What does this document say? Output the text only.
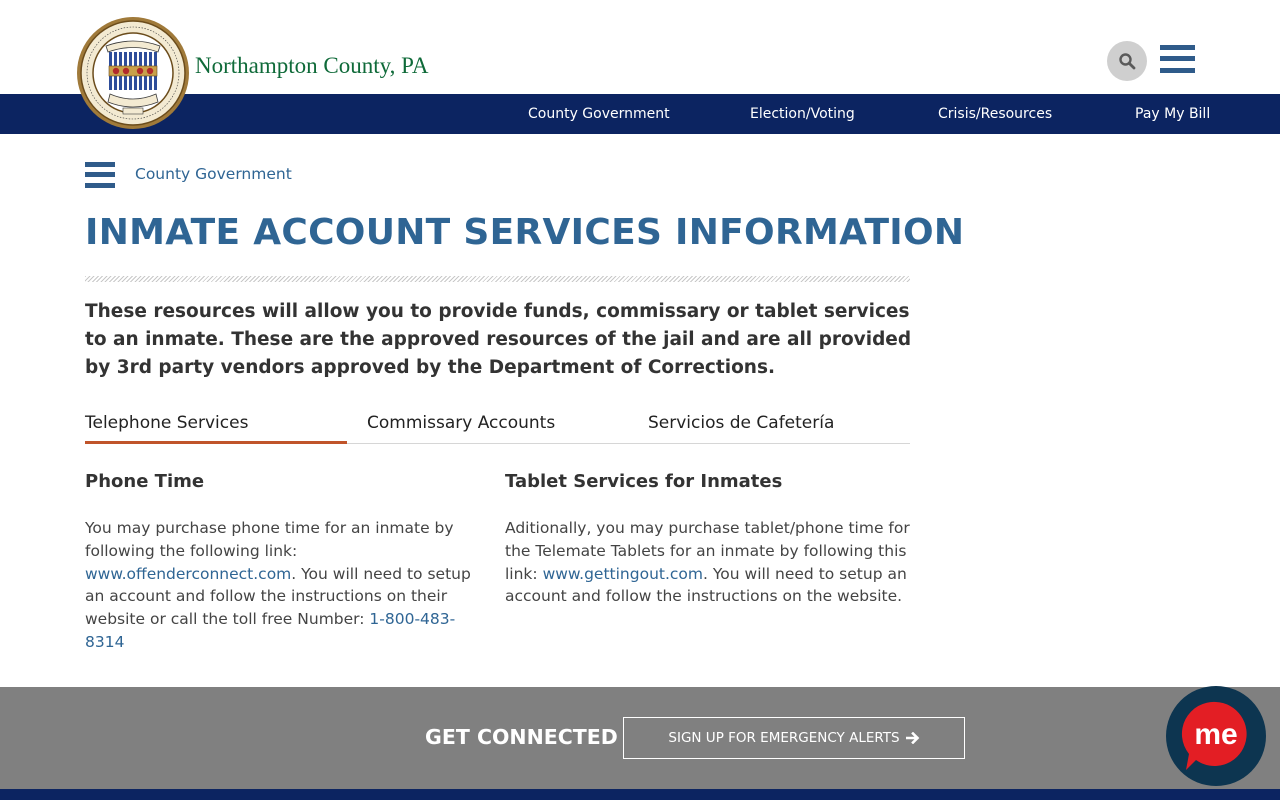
Northampton County, PA
County Government	Election/Voting	Crisis/Resources	Pay My Bill
County Government
INMATE ACCOUNT SERVICES INFORMATION

These resources will allow you to provide funds, commissary or tablet services to an inmate. These are the approved resources of the jail and are all provided by 3rd party vendors approved by the Department of Corrections.

Telephone Services	Commissary Accounts	Servicios de Cafetería
Phone Time

You may purchase phone time for an inmate by following the following link: www.offenderconnect.com. You will need to setup an account and follow the instructions on their website or call the toll free Number: 1-800-483-8314

Tablet Services for Inmates

Aditionally, you may purchase tablet/phone time for the Telemate Tablets for an inmate by following this link: www.gettingout.com. You will need to setup an account and follow the instructions on the website.

GET CONNECTED	SIGN UP FOR EMERGENCY ALERTS	me
